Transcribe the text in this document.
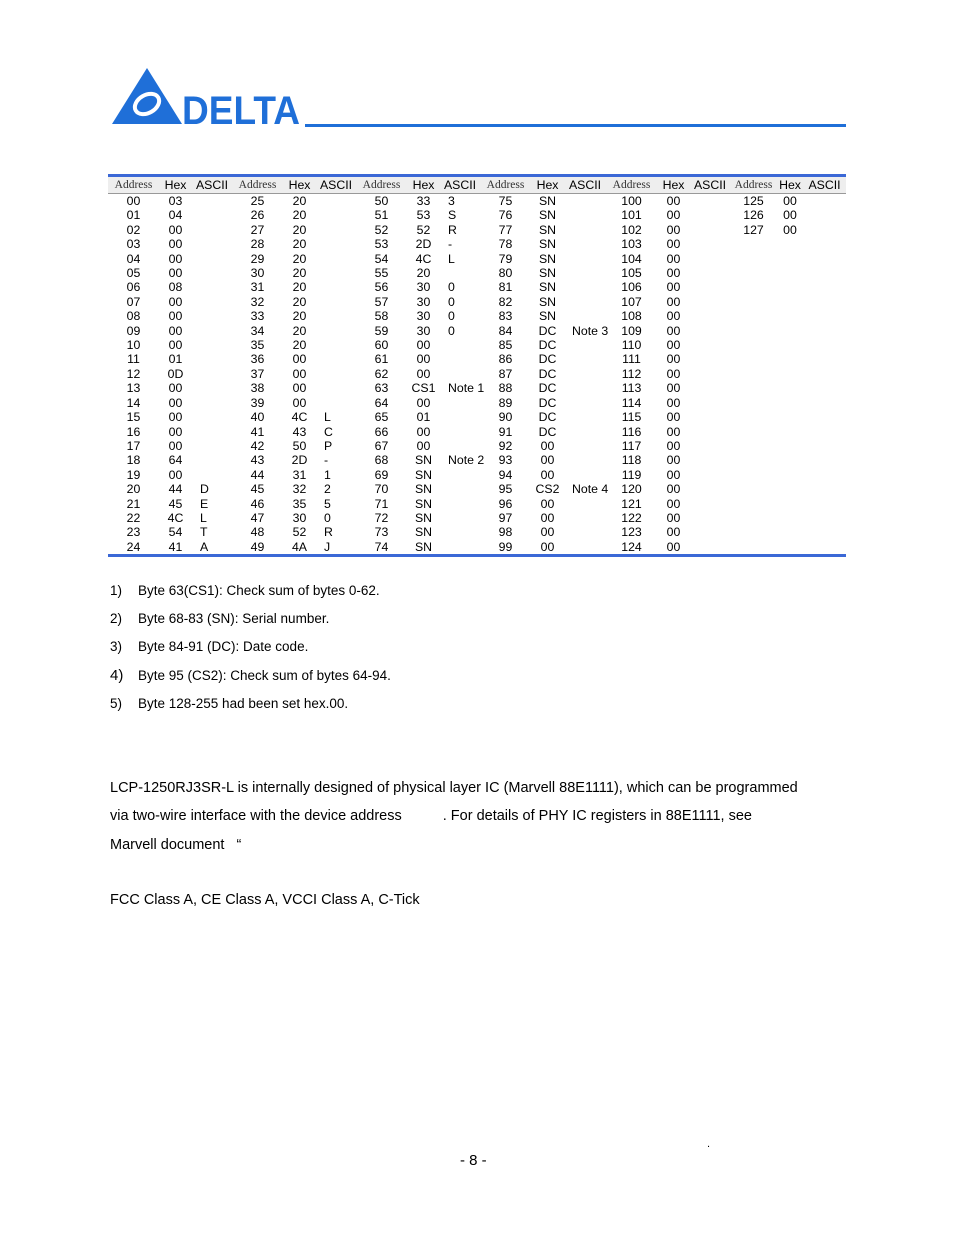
DELTA
Address	Hex	ASCII	Address	Hex	ASCII	Address	Hex	ASCII	Address	Hex	ASCII	Address	Hex	ASCII	Address	Hex	ASCII
00	03		25	20		50	33	3	75	SN		100	00		125	00	
01	04		26	20		51	53	S	76	SN		101	00		126	00	
02	00		27	20		52	52	R	77	SN		102	00		127	00	
03	00		28	20		53	2D	-	78	SN		103	00				
04	00		29	20		54	4C	L	79	SN		104	00				
05	00		30	20		55	20		80	SN		105	00				
06	08		31	20		56	30	0	81	SN		106	00				
07	00		32	20		57	30	0	82	SN		107	00				
08	00		33	20		58	30	0	83	SN		108	00				
09	00		34	20		59	30	0	84	DC	Note 3	109	00				
10	00		35	20		60	00		85	DC		110	00				
11	01		36	00		61	00		86	DC		111	00				
12	0D		37	00		62	00		87	DC		112	00				
13	00		38	00		63	CS1	Note 1	88	DC		113	00				
14	00		39	00		64	00		89	DC		114	00				
15	00		40	4C	L	65	01		90	DC		115	00				
16	00		41	43	C	66	00		91	DC		116	00				
17	00		42	50	P	67	00		92	00		117	00				
18	64		43	2D	-	68	SN	Note 2	93	00		118	00				
19	00		44	31	1	69	SN		94	00		119	00				
20	44	D	45	32	2	70	SN		95	CS2	Note 4	120	00				
21	45	E	46	35	5	71	SN		96	00		121	00				
22	4C	L	47	30	0	72	SN		97	00		122	00				
23	54	T	48	52	R	73	SN		98	00		123	00				
24	41	A	49	4A	J	74	SN		99	00		124	00				
1) Byte 63(CS1): Check sum of bytes 0-62.
2) Byte 68-83 (SN): Serial number.
3) Byte 84-91 (DC): Date code.
4) Byte 95 (CS2): Check sum of bytes 64-94.
5) Byte 128-255 had been set hex.00.
LCP-1250RJ3SR-L is internally designed of physical layer IC (Marvell 88E1111), which can be programmed
via two-wire interface with the device address	. For details of PHY IC registers in 88E1111, see
Marvell document   “
FCC Class A, CE Class A, VCCI Class A, C-Tick
.
- 8 -
